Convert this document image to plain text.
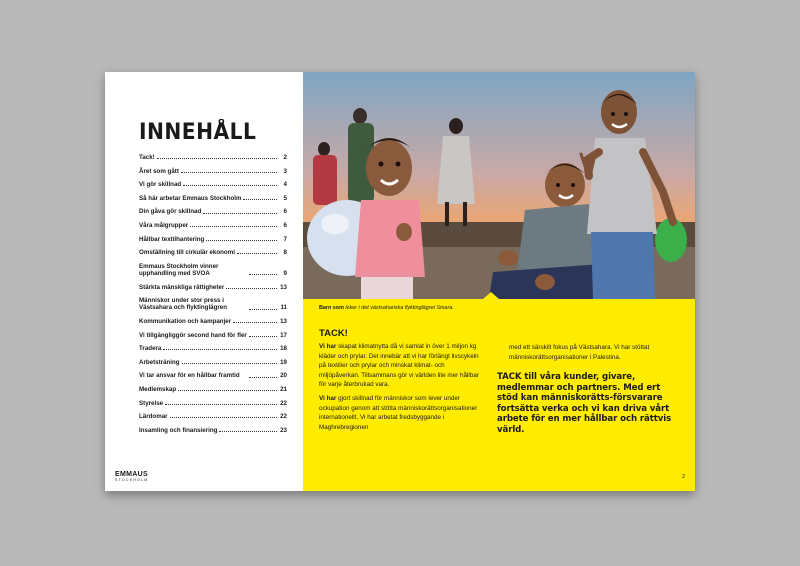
INNEHÅLL
Tack!	2
Året som gått	3
Vi gör skillnad	4
Så här arbetar Emmaus Stockholm	5
Din gåva gör skillnad	6
Våra målgrupper	6
Hållbar textilhantering	7
Omställning till cirkulär ekonomi	8
Emmaus Stockholm vinner upphandling med SVOA	9
Stärkta mänskliga rättigheter	13
Människor under stor press i Västsahara och flyktinglägren	11
Kommunikation och kampanjer	13
Vi tillgängliggör second hand för fler	17
Tradera	18
Arbetsträning	19
Vi tar ansvar för en hållbar framtid	20
Medlemskap	21
Styrelse	22
Lärdomar	22
Insamling och finansiering	23
EMMAUS
STOCKHOLM
Barn som leker i det västsahariska flyktinglägret Smara.
TACK!

Vi har skapat klimatnytta då vi samlat in över 1 miljon kg kläder och prylar. Det innebär att vi har förlängt livscykeln på textilier och prylar och minskat klimat- och miljöpåverkan. Tillsammans gör vi världen lite mer hållbar för varje återbrukad vara.

Vi har gjort skillnad för människor som lever under ockupation genom att stötta människorättsorganisationer internationellt. Vi har arbetat fredsbyggande i Maghrebregionen

med ett särskilt fokus på Västsahara. Vi har stöttat människorättsorganisationer i Palestina.

TACK till våra kunder, givare, medlemmar och partners. Med ert stöd kan människorätts-försvarare fortsätta verka och vi kan driva vårt arbete för en mer hållbar och rättvis värld.
2
